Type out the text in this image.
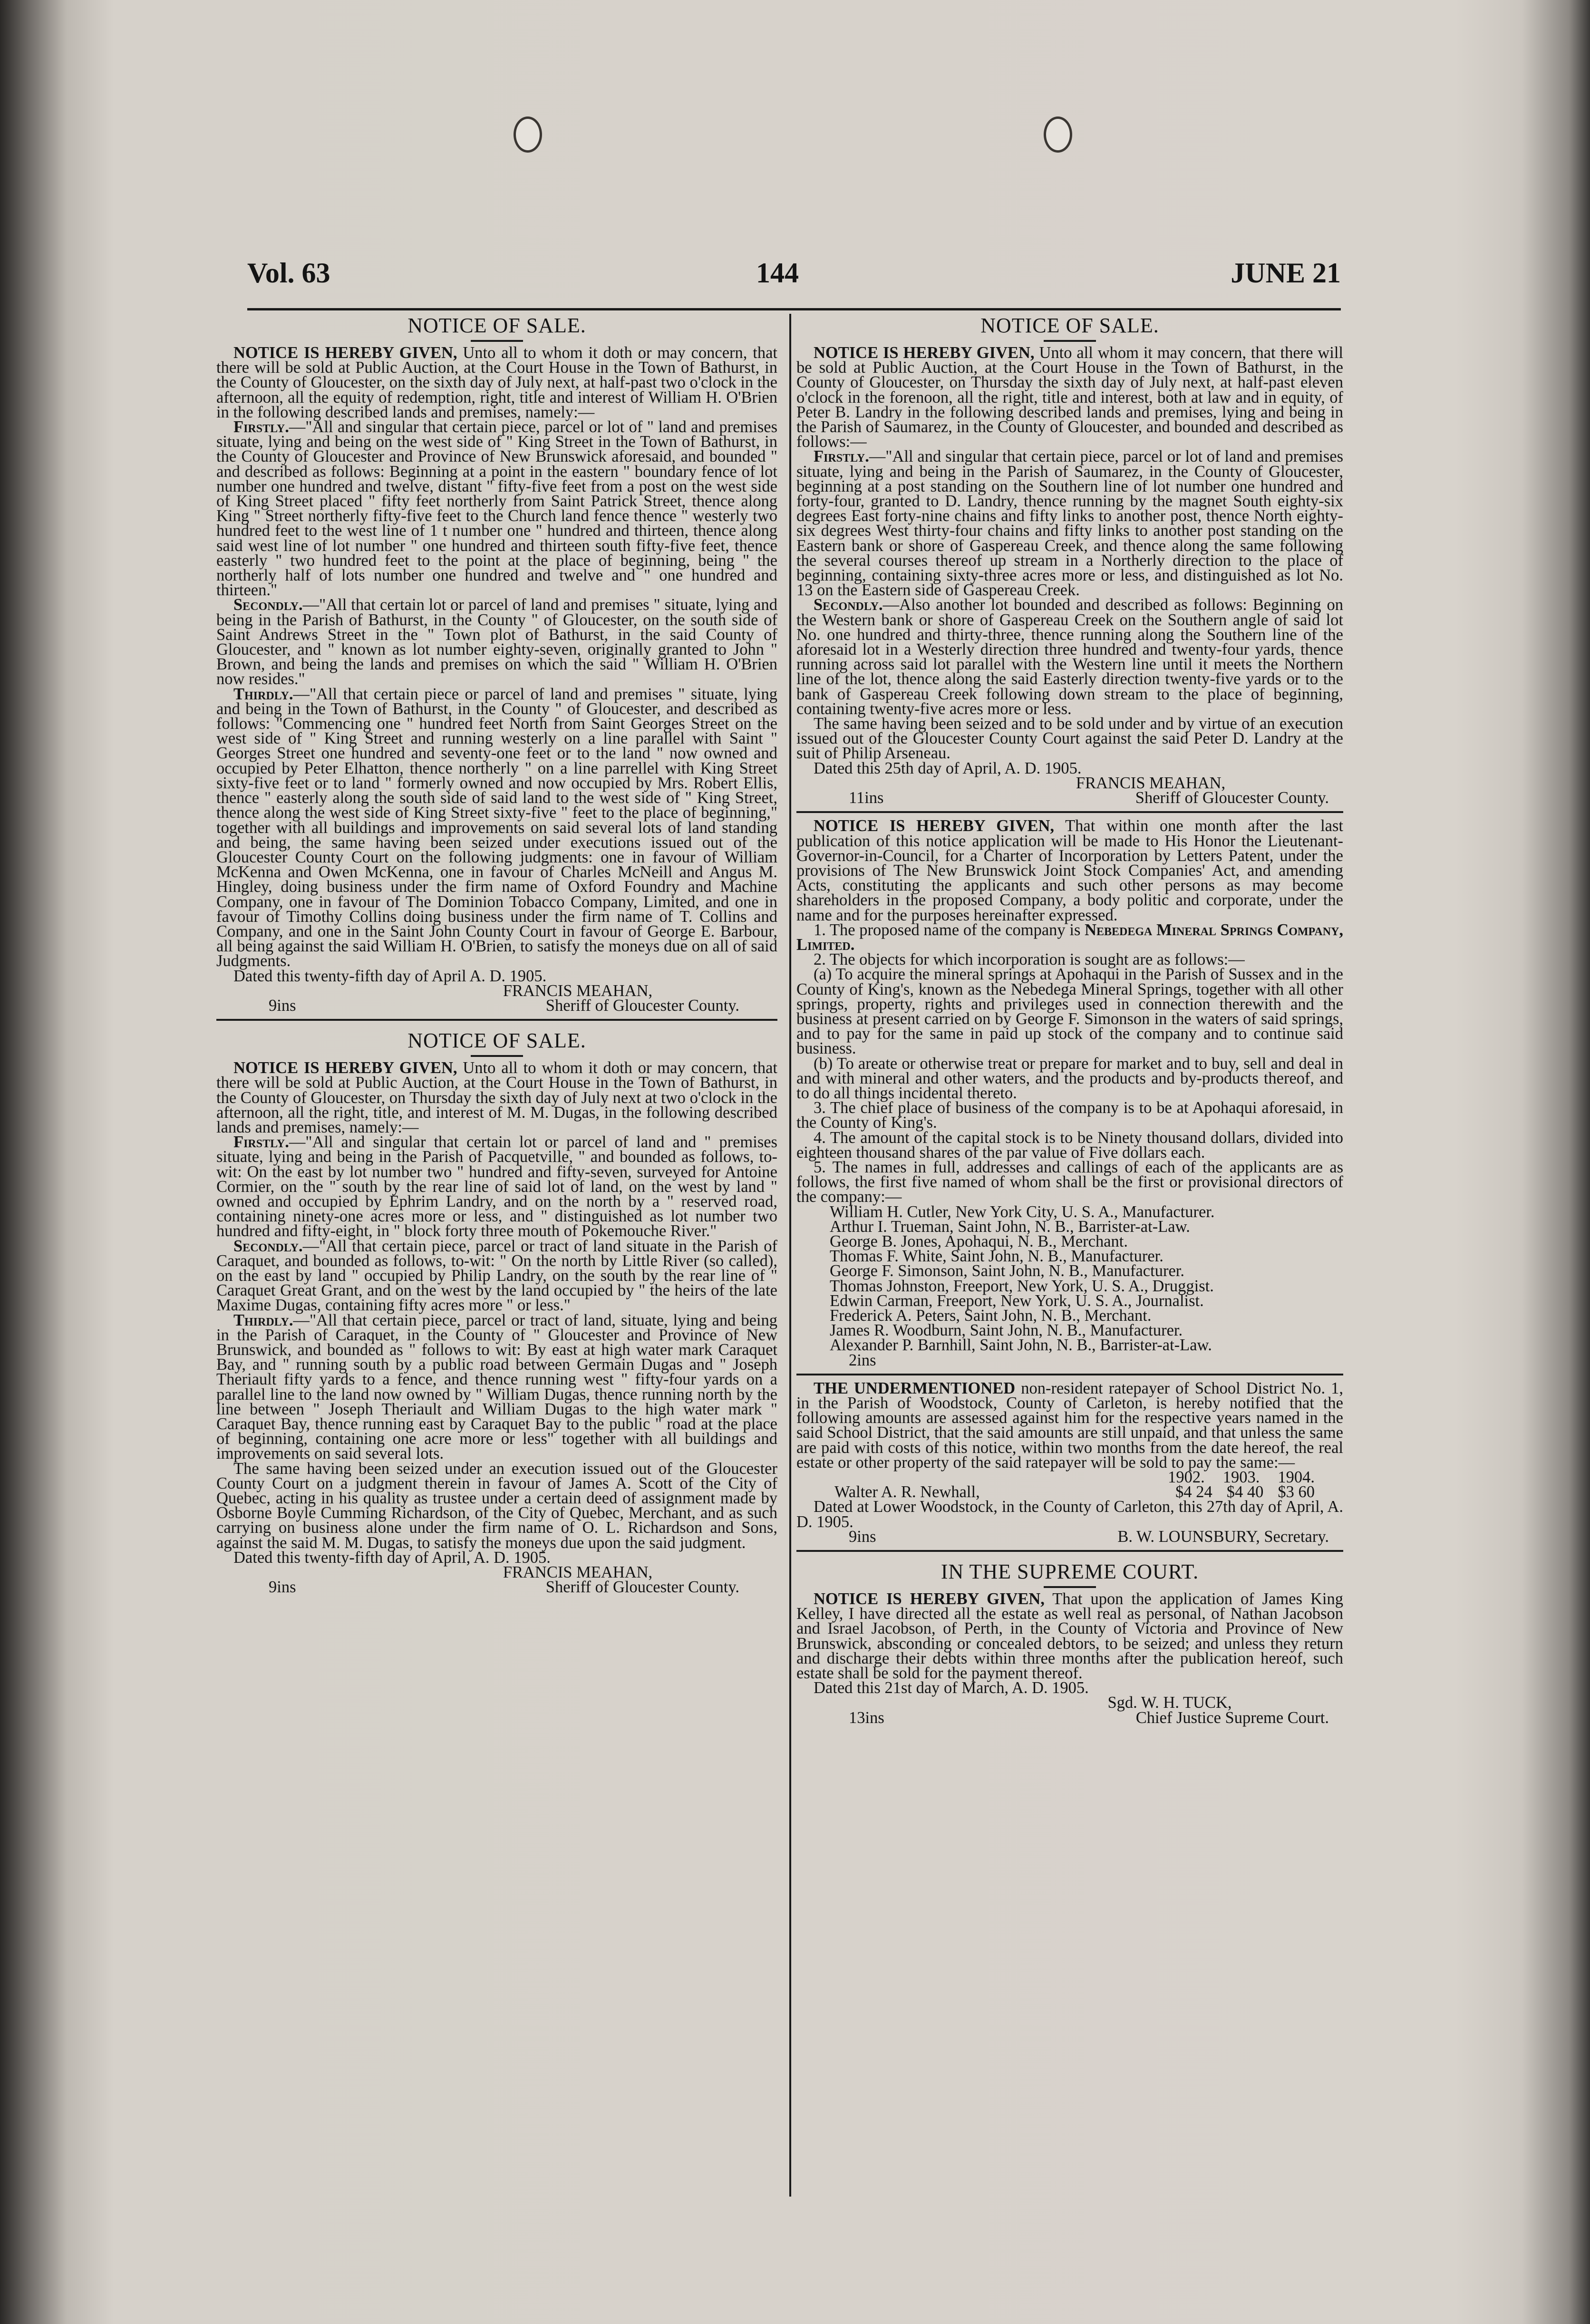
Vol. 63	144	JUNE 21

NOTICE OF SALE.

NOTICE IS HEREBY GIVEN, Unto all to whom it doth or may concern, that there will be sold at Public Auction, at the Court House in the Town of Bathurst, in the County of Gloucester, on the sixth day of July next, at half-past two o'clock in the afternoon, all the equity of redemption, right, title and interest of William H. O'Brien in the following described lands and premises, namely:—

Firstly.—"All and singular that certain piece, parcel or lot of " land and premises situate, lying and being on the west side of " King Street in the Town of Bathurst, in the County of Gloucester and Province of New Brunswick aforesaid, and bounded " and described as follows: Beginning at a point in the eastern " boundary fence of lot number one hundred and twelve, distant " fifty-five feet from a post on the west side of King Street placed " fifty feet northerly from Saint Patrick Street, thence along King " Street northerly fifty-five feet to the Church land fence thence " westerly two hundred feet to the west line of 1 t number one " hundred and thirteen, thence along said west line of lot number " one hundred and thirteen south fifty-five feet, thence easterly " two hundred feet to the point at the place of beginning, being " the northerly half of lots number one hundred and twelve and " one hundred and thirteen."

Secondly.—"All that certain lot or parcel of land and premises " situate, lying and being in the Parish of Bathurst, in the County " of Gloucester, on the south side of Saint Andrews Street in the " Town plot of Bathurst, in the said County of Gloucester, and " known as lot number eighty-seven, originally granted to John " Brown, and being the lands and premises on which the said " William H. O'Brien now resides."

Thirdly.—"All that certain piece or parcel of land and premises " situate, lying and being in the Town of Bathurst, in the County " of Gloucester, and described as follows: "Commencing one " hundred feet North from Saint Georges Street on the west side of " King Street and running westerly on a line parallel with Saint " Georges Street one hundred and seventy-one feet or to the land " now owned and occupied by Peter Elhatton, thence northerly " on a line parrellel with King Street sixty-five feet or to land " formerly owned and now occupied by Mrs. Robert Ellis, thence " easterly along the south side of said land to the west side of " King Street, thence along the west side of King Street sixty-five " feet to the place of beginning," together with all buildings and improvements on said several lots of land standing and being, the same having been seized under executions issued out of the Gloucester County Court on the following judgments: one in favour of William McKenna and Owen McKenna, one in favour of Charles McNeill and Angus M. Hingley, doing business under the firm name of Oxford Foundry and Machine Company, one in favour of The Dominion Tobacco Company, Limited, and one in favour of Timothy Collins doing business under the firm name of T. Collins and Company, and one in the Saint John County Court in favour of George E. Barbour, all being against the said William H. O'Brien, to satisfy the moneys due on all of said Judgments.

Dated this twenty-fifth day of April A. D. 1905.

FRANCIS MEAHAN,

9ins	Sheriff of Gloucester County.

NOTICE OF SALE.

NOTICE IS HEREBY GIVEN, Unto all to whom it doth or may concern, that there will be sold at Public Auction, at the Court House in the Town of Bathurst, in the County of Gloucester, on Thursday the sixth day of July next at two o'clock in the afternoon, all the right, title, and interest of M. M. Dugas, in the following described lands and premises, namely:—

Firstly.—"All and singular that certain lot or parcel of land and " premises situate, lying and being in the Parish of Pacquetville, " and bounded as follows, to-wit: On the east by lot number two " hundred and fifty-seven, surveyed for Antoine Cormier, on the " south by the rear line of said lot of land, on the west by land " owned and occupied by Ephrim Landry, and on the north by a " reserved road, containing ninety-one acres more or less, and " distinguished as lot number two hundred and fifty-eight, in " block forty three mouth of Pokemouche River."

Secondly.—"All that certain piece, parcel or tract of land situate in the Parish of Caraquet, and bounded as follows, to-wit: " On the north by Little River (so called), on the east by land " occupied by Philip Landry, on the south by the rear line of " Caraquet Great Grant, and on the west by the land occupied by " the heirs of the late Maxime Dugas, containing fifty acres more " or less."

Thirdly.—"All that certain piece, parcel or tract of land, situate, lying and being in the Parish of Caraquet, in the County of " Gloucester and Province of New Brunswick, and bounded as " follows to wit: By east at high water mark Caraquet Bay, and " running south by a public road between Germain Dugas and " Joseph Theriault fifty yards to a fence, and thence running west " fifty-four yards on a parallel line to the land now owned by " William Dugas, thence running north by the line between " Joseph Theriault and William Dugas to the high water mark " Caraquet Bay, thence running east by Caraquet Bay to the public " road at the place of beginning, containing one acre more or less" together with all buildings and improvements on said several lots.

The same having been seized under an execution issued out of the Gloucester County Court on a judgment therein in favour of James A. Scott of the City of Quebec, acting in his quality as trustee under a certain deed of assignment made by Osborne Boyle Cumming Richardson, of the City of Quebec, Merchant, and as such carrying on business alone under the firm name of O. L. Richardson and Sons, against the said M. M. Dugas, to satisfy the moneys due upon the said judgment.

Dated this twenty-fifth day of April, A. D. 1905.

FRANCIS MEAHAN,

9ins	Sheriff of Gloucester County.

NOTICE OF SALE.

NOTICE IS HEREBY GIVEN, Unto all whom it may concern, that there will be sold at Public Auction, at the Court House in the Town of Bathurst, in the County of Gloucester, on Thursday the sixth day of July next, at half-past eleven o'clock in the forenoon, all the right, title and interest, both at law and in equity, of Peter B. Landry in the following described lands and premises, lying and being in the Parish of Saumarez, in the County of Gloucester, and bounded and described as follows:—

Firstly.—"All and singular that certain piece, parcel or lot of land and premises situate, lying and being in the Parish of Saumarez, in the County of Gloucester, beginning at a post standing on the Southern line of lot number one hundred and forty-four, granted to D. Landry, thence running by the magnet South eighty-six degrees East forty-nine chains and fifty links to another post, thence North eighty-six degrees West thirty-four chains and fifty links to another post standing on the Eastern bank or shore of Gaspereau Creek, and thence along the same following the several courses thereof up stream in a Northerly direction to the place of beginning, containing sixty-three acres more or less, and distinguished as lot No. 13 on the Eastern side of Gaspereau Creek.

Secondly.—Also another lot bounded and described as follows: Beginning on the Western bank or shore of Gaspereau Creek on the Southern angle of said lot No. one hundred and thirty-three, thence running along the Southern line of the aforesaid lot in a Westerly direction three hundred and twenty-four yards, thence running across said lot parallel with the Western line until it meets the Northern line of the lot, thence along the said Easterly direction twenty-five yards or to the bank of Gaspereau Creek following down stream to the place of beginning, containing twenty-five acres more or less.

The same having been seized and to be sold under and by virtue of an execution issued out of the Gloucester County Court against the said Peter D. Landry at the suit of Philip Arseneau.

Dated this 25th day of April, A. D. 1905.

FRANCIS MEAHAN,

11ins	Sheriff of Gloucester County.

NOTICE IS HEREBY GIVEN, That within one month after the last publication of this notice application will be made to His Honor the Lieutenant-Governor-in-Council, for a Charter of Incorporation by Letters Patent, under the provisions of The New Brunswick Joint Stock Companies' Act, and amending Acts, constituting the applicants and such other persons as may become shareholders in the proposed Company, a body politic and corporate, under the name and for the purposes hereinafter expressed.

1. The proposed name of the company is Nebedega Mineral Springs Company, Limited.

2. The objects for which incorporation is sought are as follows:—

(a) To acquire the mineral springs at Apohaqui in the Parish of Sussex and in the County of King's, known as the Nebedega Mineral Springs, together with all other springs, property, rights and privileges used in connection therewith and the business at present carried on by George F. Simonson in the waters of said springs, and to pay for the same in paid up stock of the company and to continue said business.

(b) To areate or otherwise treat or prepare for market and to buy, sell and deal in and with mineral and other waters, and the products and by-products thereof, and to do all things incidental thereto.

3. The chief place of business of the company is to be at Apohaqui aforesaid, in the County of King's.

4. The amount of the capital stock is to be Ninety thousand dollars, divided into eighteen thousand shares of the par value of Five dollars each.

5. The names in full, addresses and callings of each of the applicants are as follows, the first five named of whom shall be the first or provisional directors of the company:—

William H. Cutler, New York City, U. S. A., Manufacturer.

Arthur I. Trueman, Saint John, N. B., Barrister-at-Law.

George B. Jones, Apohaqui, N. B., Merchant.

Thomas F. White, Saint John, N. B., Manufacturer.

George F. Simonson, Saint John, N. B., Manufacturer.

Thomas Johnston, Freeport, New York, U. S. A., Druggist.

Edwin Carman, Freeport, New York, U. S. A., Journalist.

Frederick A. Peters, Saint John, N. B., Merchant.

James R. Woodburn, Saint John, N. B., Manufacturer.

Alexander P. Barnhill, Saint John, N. B., Barrister-at-Law.

2ins

THE UNDERMENTIONED non-resident ratepayer of School District No. 1, in the Parish of Woodstock, County of Carleton, is hereby notified that the following amounts are assessed against him for the respective years named in the said School District, that the said amounts are still unpaid, and that unless the same are paid with costs of this notice, within two months from the date hereof, the real estate or other property of the said ratepayer will be sold to pay the same:—

1902. 1903. 1904.
Walter A. R. Newhall,	$4 24 $4 40 $3 60

Dated at Lower Woodstock, in the County of Carleton, this 27th day of April, A. D. 1905.

9ins	B. W. LOUNSBURY, Secretary.

IN THE SUPREME COURT.

NOTICE IS HEREBY GIVEN, That upon the application of James King Kelley, I have directed all the estate as well real as personal, of Nathan Jacobson and Israel Jacobson, of Perth, in the County of Victoria and Province of New Brunswick, absconding or concealed debtors, to be seized; and unless they return and discharge their debts within three months after the publication hereof, such estate shall be sold for the payment thereof.

Dated this 21st day of March, A. D. 1905.

Sgd. W. H. TUCK,

13ins	Chief Justice Supreme Court.
